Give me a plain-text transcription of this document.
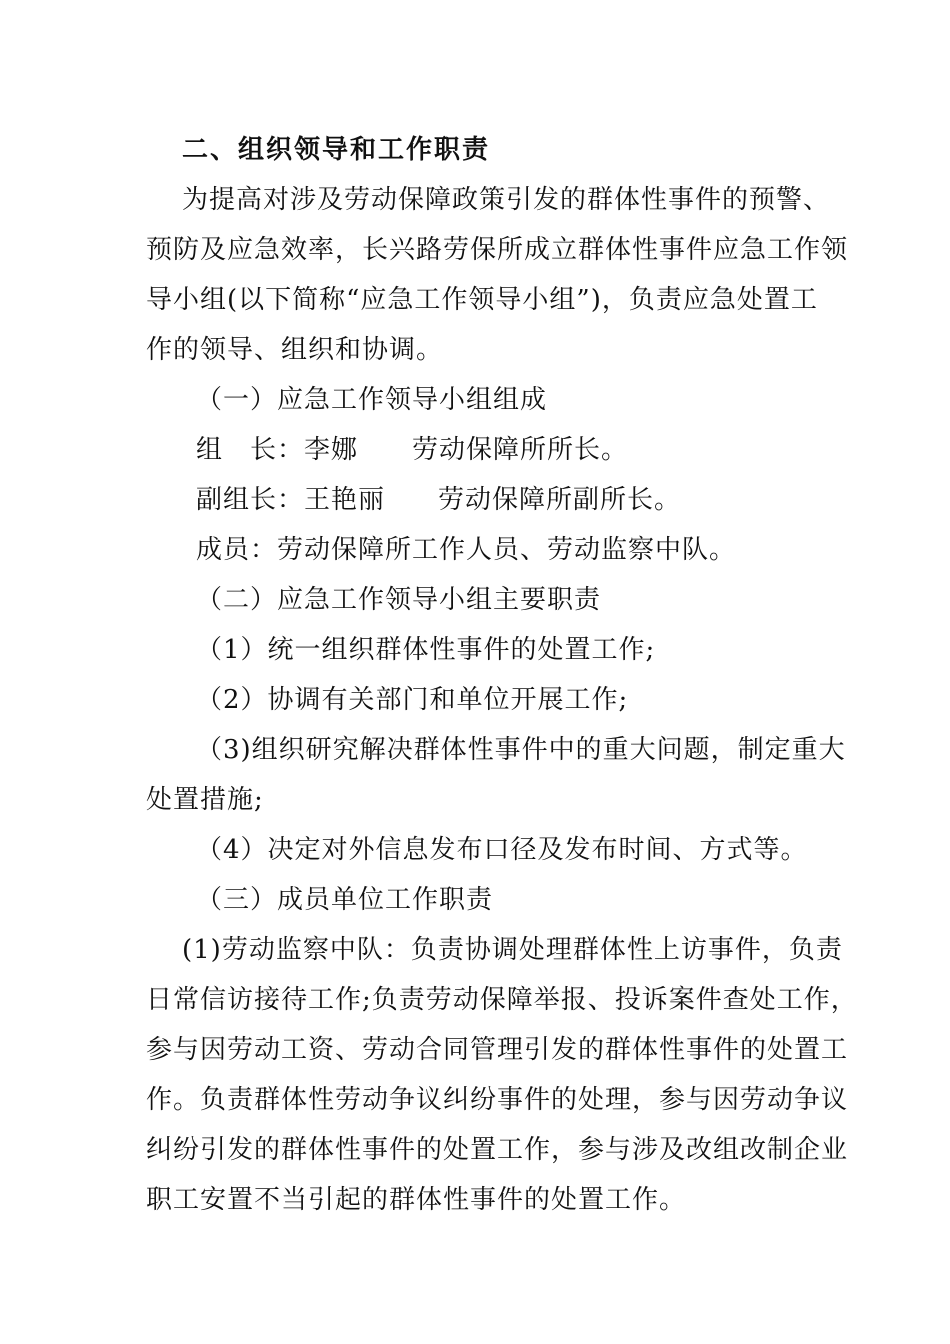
二、组织领导和工作职责
为提高对涉及劳动保障政策引发的群体性事件的预警、
预防及应急效率，长兴路劳保所成立群体性事件应急工作领
导小组(以下简称“应急工作领导小组”)，负责应急处置工
作的领导、组织和协调。
（一）应急工作领导小组组成
组　长：李娜 劳动保障所所长。
副组长：王艳丽 劳动保障所副所长。
成员：劳动保障所工作人员、劳动监察中队。
（二）应急工作领导小组主要职责
（1）统一组织群体性事件的处置工作;
（2）协调有关部门和单位开展工作;
（3)组织研究解决群体性事件中的重大问题，制定重大
处置措施;
（4）决定对外信息发布口径及发布时间、方式等。
（三）成员单位工作职责
(1)劳动监察中队：负责协调处理群体性上访事件，负责
日常信访接待工作;负责劳动保障举报、投诉案件查处工作，
参与因劳动工资、劳动合同管理引发的群体性事件的处置工
作。负责群体性劳动争议纠纷事件的处理，参与因劳动争议
纠纷引发的群体性事件的处置工作，参与涉及改组改制企业
职工安置不当引起的群体性事件的处置工作。
